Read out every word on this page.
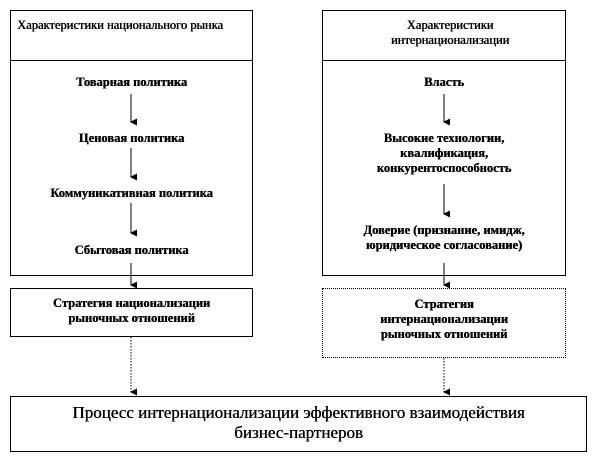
Характеристики национального рынка
Товарная политика
Ценовая политика
Коммуникативная политика
Сбытовая политика
Характеристики интернационализации
Власть
Высокие технологии, квалификация, конкурентоспособность
Доверие (признание, имидж, юридическое согласование)
Стратегия национализации рыночных отношений
Стратегия интернационализации рыночных отношений
Процесс интернационализации эффективного взаимодействия бизнес-партнеров
